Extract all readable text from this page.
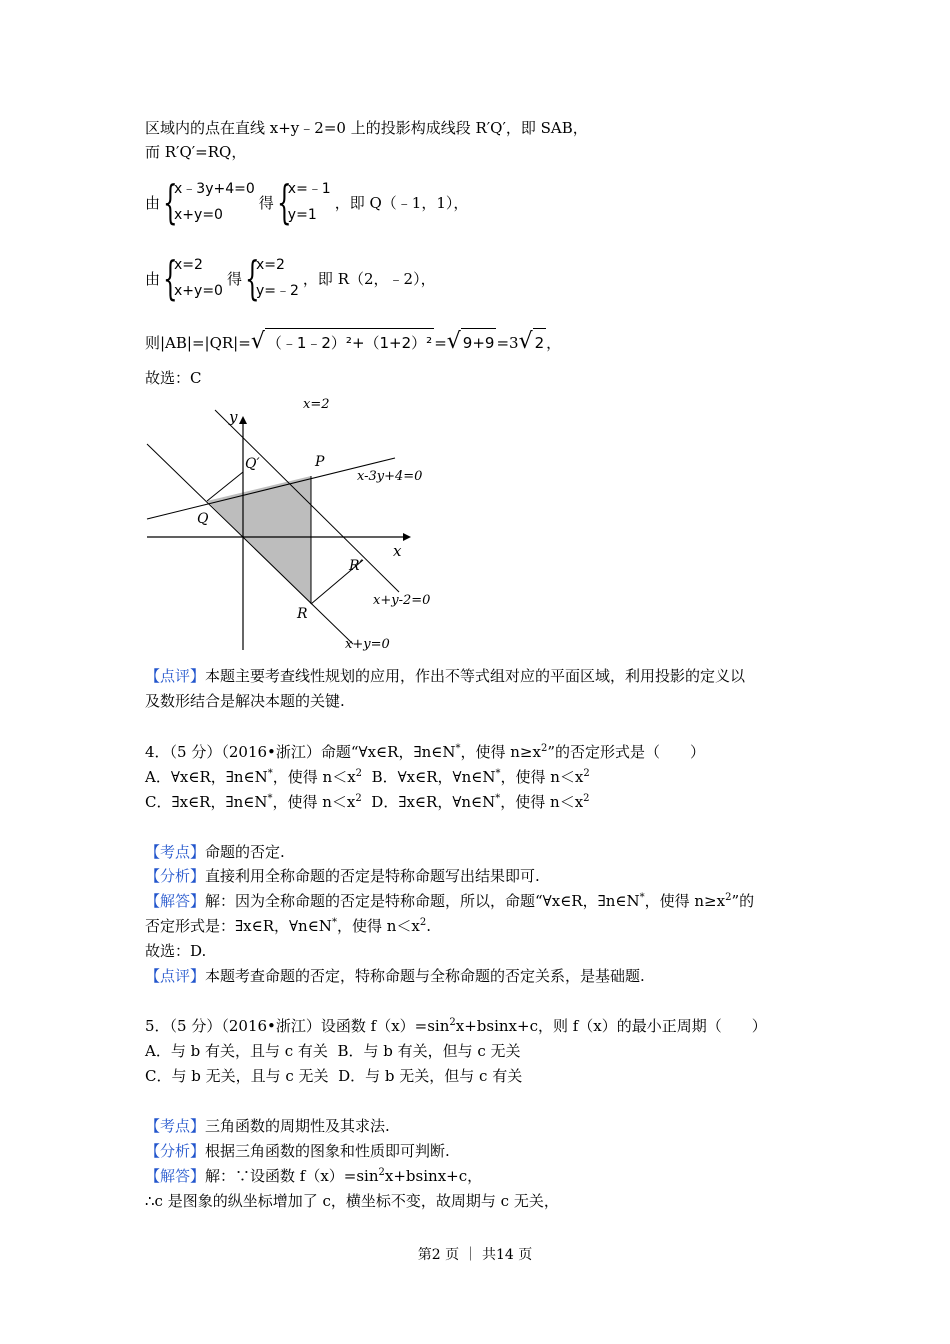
区域内的点在直线 x+y﹣2=0 上的投影构成线段 R′Q′，即 SAB，
而 R′Q′=RQ，
由 {
x﹣3y+4=0
x+y=0
得 {
x=﹣1
y=1
，即 Q（﹣1，1），
由 {
x=2
x+y=0
得 {
x=2
y=﹣2
，即 R（2，﹣2），
则|AB|=|QR|=√ （﹣1﹣2）²+（1+2）² =√ 9+9 =3√ 2 ，
故选：C
y
x
x=2
Q′	P
x-3y+4=0
Q
R′
x+y-2=0
R
x+y=0
【点评】本题主要考查线性规划的应用，作出不等式组对应的平面区域，利用投影的定义以
及数形结合是解决本题的关键.
4．（5 分）（2016•浙江）命题“∀x∈R，∃n∈N*，使得 $n\ge x^2$”的否定形式是（　　）
A．∀x∈R，∃n∈N*，使得 $n<x^2$  B．∀x∈R，∀n∈N*，使得 $n<x^2$
C．∃x∈R，∃n∈N*，使得 $n<x^2$  D．∃x∈R，∀n∈N*，使得 $n<x^2$
【考点】命题的否定.
【分析】直接利用全称命题的否定是特称命题写出结果即可.
【解答】解：因为全称命题的否定是特称命题，所以，命题“∀x∈R，∃n∈N*，使得 $n\ge x^2$”的
否定形式是：∃x∈R，∀n∈N*，使得 $n<x^2$.
故选：D.
【点评】本题考查命题的否定，特称命题与全称命题的否定关系，是基础题.
5．（5 分）（2016•浙江）设函数 $f(x)=\sin^2x+bsinx+c$，则 f（x）的最小正周期（　　）
A．与 b 有关，且与 c 有关  B．与 b 有关，但与 c 无关
C．与 b 无关，且与 c 无关  D．与 b 无关，但与 c 有关
【考点】三角函数的周期性及其求法.
【分析】根据三角函数的图象和性质即可判断.
【解答】解：∵设函数 $f(x)=\sin^2x+bsinx+c$，
∴c 是图象的纵坐标增加了 c，横坐标不变，故周期与 c 无关，
第2 页 ｜ 共14 页
